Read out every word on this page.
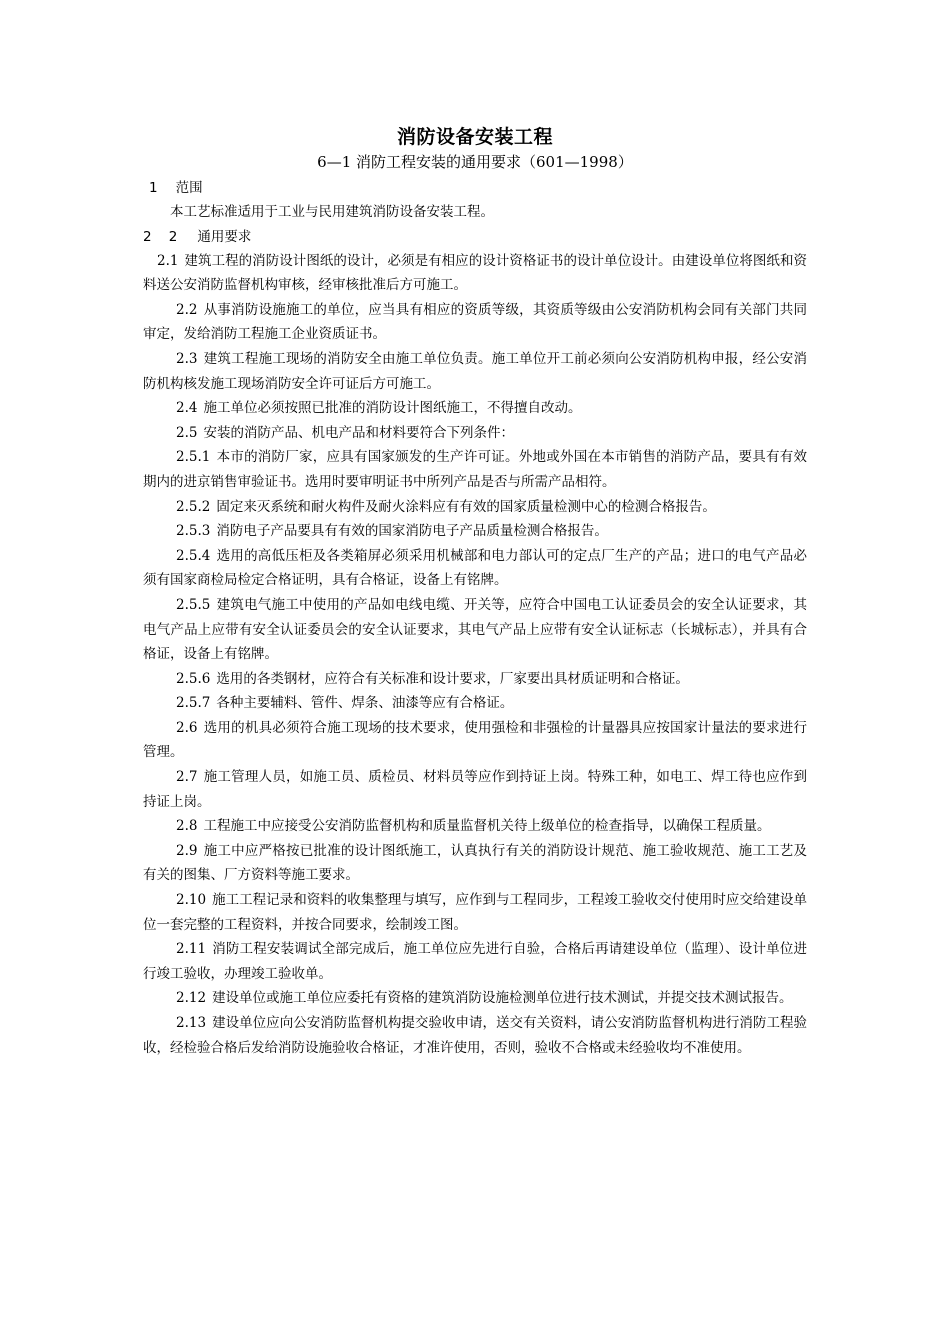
消防设备安装工程

6—1 消防工程安装的通用要求（601—1998）

1 范围

本工艺标准适用于工业与民用建筑消防设备安装工程。

2    2 通用要求

2.1 建筑工程的消防设计图纸的设计，必须是有相应的设计资格证书的设计单位设计。由建设单位将图纸和资料送公安消防监督机构审核，经审核批准后方可施工。

2.2 从事消防设施施工的单位，应当具有相应的资质等级，其资质等级由公安消防机构会同有关部门共同审定，发给消防工程施工企业资质证书。

2.3 建筑工程施工现场的消防安全由施工单位负责。施工单位开工前必须向公安消防机构申报，经公安消防机构核发施工现场消防安全许可证后方可施工。

2.4 施工单位必须按照已批准的消防设计图纸施工，不得擅自改动。

2.5 安装的消防产品、机电产品和材料要符合下列条件：

2.5.1 本市的消防厂家，应具有国家颁发的生产许可证。外地或外国在本市销售的消防产品，要具有有效期内的进京销售审验证书。选用时要审明证书中所列产品是否与所需产品相符。

2.5.2 固定来灭系统和耐火构件及耐火涂料应有有效的国家质量检测中心的检测合格报告。

2.5.3 消防电子产品要具有有效的国家消防电子产品质量检测合格报告。

2.5.4 选用的高低压柜及各类箱屏必须采用机械部和电力部认可的定点厂生产的产品；进口的电气产品必须有国家商检局检定合格证明，具有合格证，设备上有铭牌。

2.5.5 建筑电气施工中使用的产品如电线电缆、开关等，应符合中国电工认证委员会的安全认证要求，其电气产品上应带有安全认证委员会的安全认证要求，其电气产品上应带有安全认证标志（长城标志），并具有合格证，设备上有铭牌。

2.5.6 选用的各类钢材，应符合有关标准和设计要求，厂家要出具材质证明和合格证。

2.5.7 各种主要辅料、管件、焊条、油漆等应有合格证。

2.6 选用的机具必须符合施工现场的技术要求，使用强检和非强检的计量器具应按国家计量法的要求进行管理。

2.7 施工管理人员，如施工员、质检员、材料员等应作到持证上岗。特殊工种，如电工、焊工待也应作到持证上岗。

2.8 工程施工中应接受公安消防监督机构和质量监督机关待上级单位的检查指导，以确保工程质量。

2.9 施工中应严格按已批准的设计图纸施工，认真执行有关的消防设计规范、施工验收规范、施工工艺及有关的图集、厂方资料等施工要求。

2.10 施工工程记录和资料的收集整理与填写，应作到与工程同步，工程竣工验收交付使用时应交给建设单位一套完整的工程资料，并按合同要求，绘制竣工图。

2.11 消防工程安装调试全部完成后，施工单位应先进行自验，合格后再请建设单位（监理）、设计单位进行竣工验收，办理竣工验收单。

2.12 建设单位或施工单位应委托有资格的建筑消防设施检测单位进行技术测试，并提交技术测试报告。

2.13 建设单位应向公安消防监督机构提交验收申请，送交有关资料，请公安消防监督机构进行消防工程验收，经检验合格后发给消防设施验收合格证，才准许使用，否则，验收不合格或未经验收均不准使用。
